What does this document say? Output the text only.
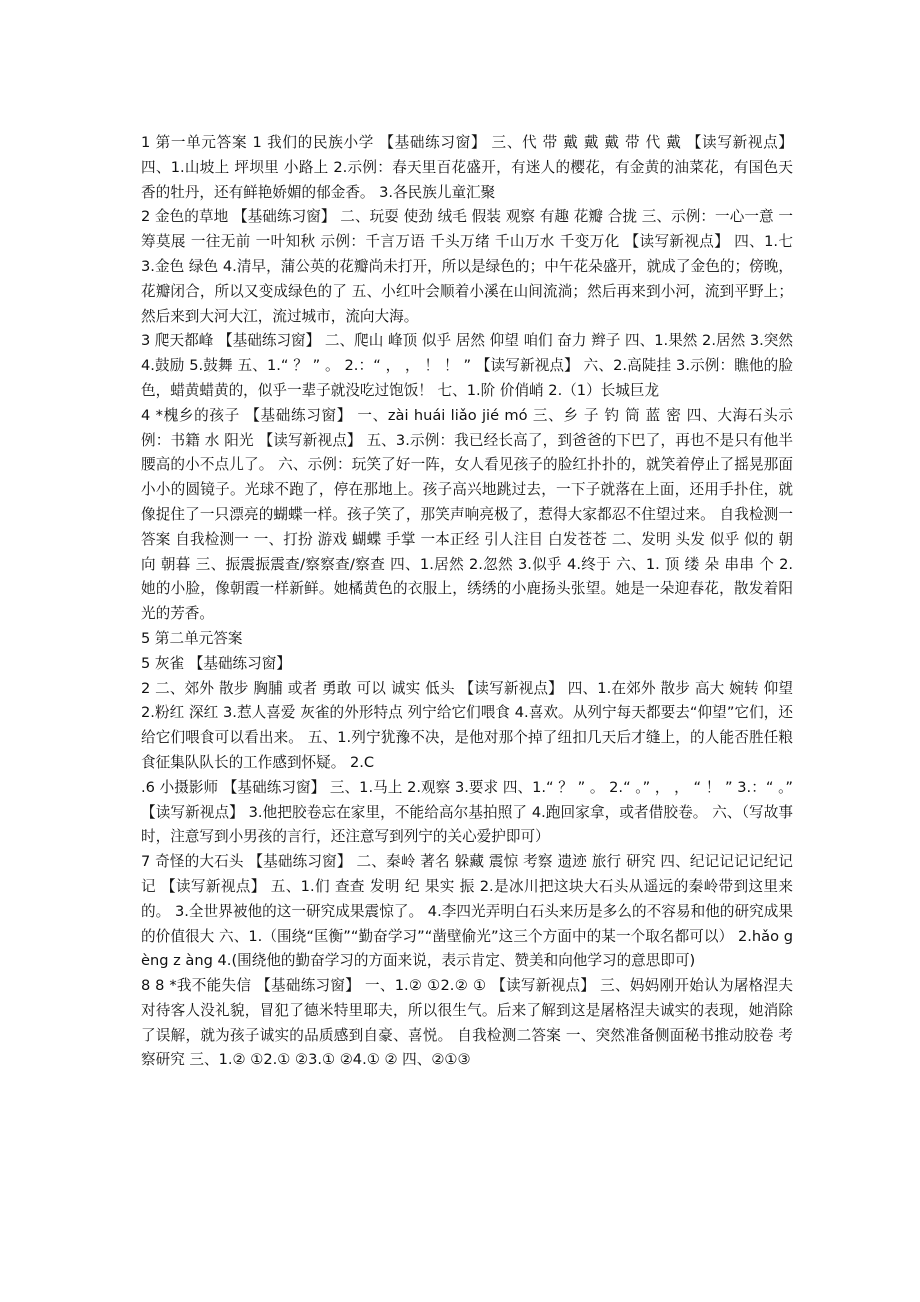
1 第一单元答案 1 我们的民族小学 【基础练习窗】 三、代 带 戴 戴 戴 带 代 戴 【读写新视点】 四、1.山坡上 坪坝里 小路上 2.示例：春天里百花盛开，有迷人的樱花，有金黄的油菜花，有国色天香的牡丹，还有鲜艳娇媚的郁金香。 3.各民族儿童汇聚

2 金色的草地 【基础练习窗】 二、玩耍 使劲 绒毛 假装 观察 有趣 花瓣 合拢 三、示例：一心一意 一筹莫展 一往无前 一叶知秋 示例：千言万语 千头万绪 千山万水 千变万化 【读写新视点】 四、1.七 3.金色 绿色 4.清早，蒲公英的花瓣尚未打开，所以是绿色的；中午花朵盛开，就成了金色的；傍晚，花瓣闭合，所以又变成绿色的了 五、小红叶会顺着小溪在山间流淌；然后再来到小河，流到平野上；然后来到大河大江，流过城市，流向大海。

3 爬天都峰 【基础练习窗】 二、爬山 峰顶 似乎 居然 仰望 咱们 奋力 辫子 四、1.果然 2.居然 3.突然 4.鼓励 5.鼓舞 五、1.“ ？ ” 。 2.：“ ， ， ！ ！ ” 【读写新视点】 六、2.高陡挂 3.示例：瞧他的脸色，蜡黄蜡黄的，似乎一辈子就没吃过饱饭！ 七、1.阶 价俏峭 2.（1）长城巨龙

4 *槐乡的孩子 【基础练习窗】 一、zài huái liǎo jié mó 三、乡 子 钓 筒 蓝 密 四、大海石头示例：书籍 水 阳光 【读写新视点】 五、3.示例：我已经长高了，到爸爸的下巴了，再也不是只有他半腰高的小不点儿了。 六、示例：玩笑了好一阵，女人看见孩子的脸红扑扑的，就笑着停止了摇晃那面小小的圆镜子。光球不跑了，停在那地上。孩子高兴地跳过去，一下子就落在上面，还用手扑住，就像捉住了一只漂亮的蝴蝶一样。孩子笑了，那笑声响亮极了，惹得大家都忍不住望过来。 自我检测一答案 自我检测一 一、打扮 游戏 蝴蝶 手掌 一本正经 引人注目 白发苍苍 二、发明 头发 似乎 似的 朝向 朝暮 三、振震振震查/察察查/察查 四、1.居然 2.忽然 3.似乎 4.终于 六、1. 顶 缕 朵 串串 个 2. 她的小脸，像朝霞一样新鲜。她橘黄色的衣服上，绣绣的小鹿扬头张望。她是一朵迎春花，散发着阳光的芳香。

5 第二单元答案

5 灰雀 【基础练习窗】

2 二、郊外 散步 胸脯 或者 勇敢 可以 诚实 低头 【读写新视点】 四、1.在郊外 散步 高大 婉转 仰望 2.粉红 深红 3.惹人喜爱 灰雀的外形特点 列宁给它们喂食 4.喜欢。从列宁每天都要去“仰望”它们，还给它们喂食可以看出来。 五、1.列宁犹豫不决，是他对那个掉了纽扣几天后才缝上，的人能否胜任粮食征集队队长的工作感到怀疑。 2.C

.6 小摄影师 【基础练习窗】 三、1.马上 2.观察 3.要求 四、1.“ ？ ” 。 2.“ 。” ， ， “ ！ ” 3.：“ 。” 【读写新视点】 3.他把胶卷忘在家里，不能给高尔基拍照了 4.跑回家拿，或者借胶卷。 六、（写故事时，注意写到小男孩的言行，还注意写到列宁的关心爱护即可）

7 奇怪的大石头 【基础练习窗】 二、秦岭 著名 躲藏 震惊 考察 遗迹 旅行 研究 四、纪记记记记纪记记 【读写新视点】 五、1.们 查查 发明 纪 果实 振 2.是冰川把这块大石头从遥远的秦岭带到这里来的。 3.全世界被他的这一研究成果震惊了。 4.李四光弄明白石头来历是多么的不容易和他的研究成果的价值很大 六、1.（围绕“匡衡”“勤奋学习”“凿壁偷光”这三个方面中的某一个取名都可以） 2.hǎo gèng z àng 4.(围绕他的勤奋学习的方面来说，表示肯定、赞美和向他学习的意思即可)

8 8 *我不能失信 【基础练习窗】 一、1.② ①2.② ① 【读写新视点】 三、妈妈刚开始认为屠格涅夫对待客人没礼貌，冒犯了德米特里耶夫，所以很生气。后来了解到这是屠格涅夫诚实的表现，她消除了误解，就为孩子诚实的品质感到自豪、喜悦。 自我检测二答案 一、突然准备侧面秘书推动胶卷 考察研究 三、1.② ①2.① ②3.① ②4.① ② 四、②①③
